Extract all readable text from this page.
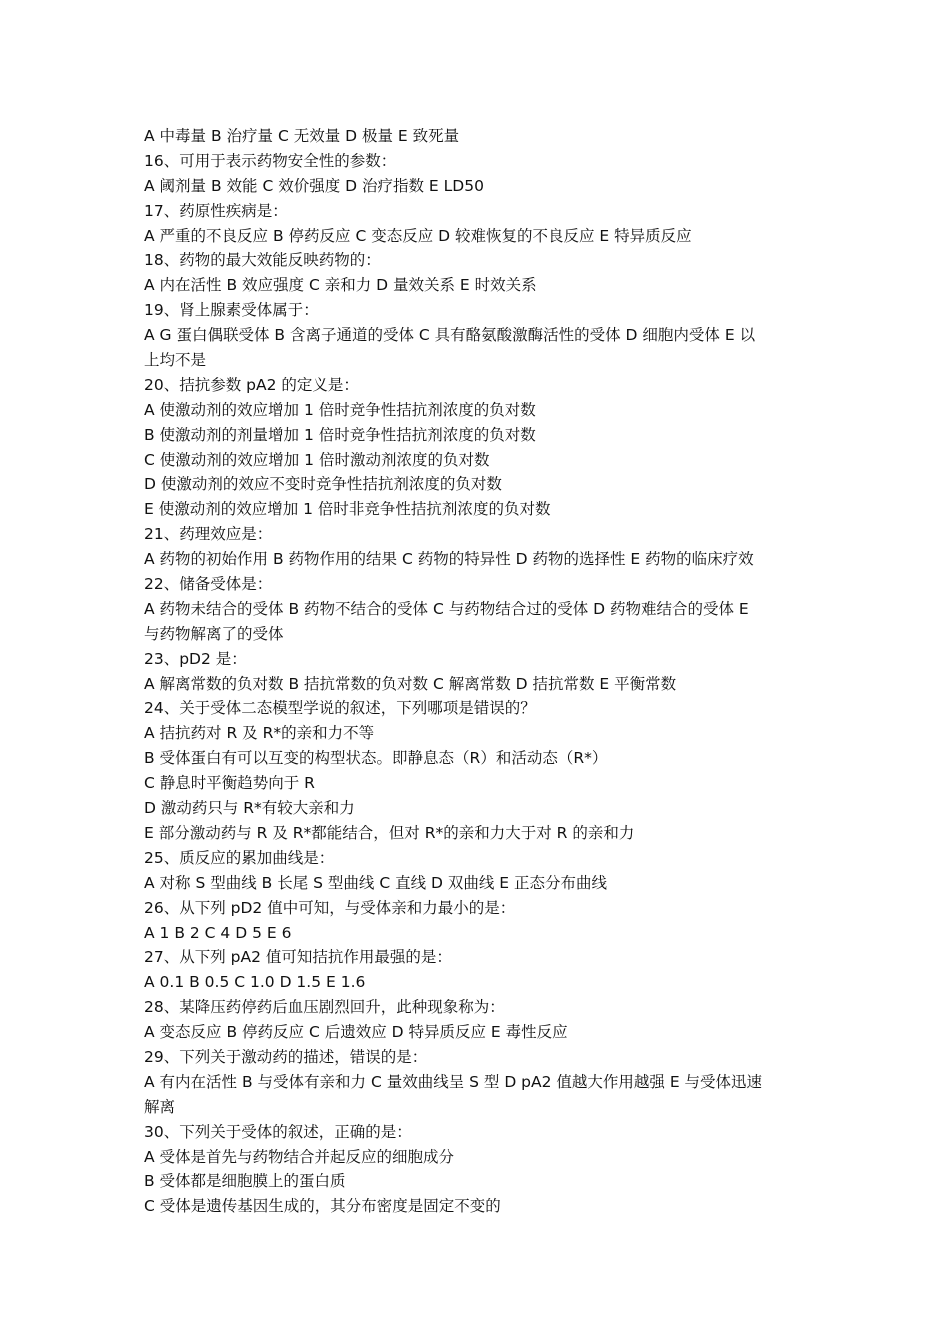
A 中毒量 B 治疗量 C 无效量 D 极量 E 致死量
16、可用于表示药物安全性的参数：
A 阈剂量 B 效能 C 效价强度 D 治疗指数 E LD50
17、药原性疾病是：
A 严重的不良反应 B 停药反应 C 变态反应 D 较难恢复的不良反应 E 特异质反应
18、药物的最大效能反映药物的：
A 内在活性 B 效应强度 C 亲和力 D 量效关系 E 时效关系
19、肾上腺素受体属于：
A G 蛋白偶联受体 B 含离子通道的受体 C 具有酪氨酸激酶活性的受体 D 细胞内受体 E 以
上均不是
20、拮抗参数 pA2 的定义是：
A 使激动剂的效应增加 1 倍时竞争性拮抗剂浓度的负对数
B 使激动剂的剂量增加 1 倍时竞争性拮抗剂浓度的负对数
C 使激动剂的效应增加 1 倍时激动剂浓度的负对数
D 使激动剂的效应不变时竞争性拮抗剂浓度的负对数
E 使激动剂的效应增加 1 倍时非竞争性拮抗剂浓度的负对数
21、药理效应是：
A 药物的初始作用 B 药物作用的结果 C 药物的特异性 D 药物的选择性 E 药物的临床疗效
22、储备受体是：
A 药物未结合的受体 B 药物不结合的受体 C 与药物结合过的受体 D 药物难结合的受体 E
与药物解离了的受体
23、pD2 是：
A 解离常数的负对数 B 拮抗常数的负对数 C 解离常数 D 拮抗常数 E 平衡常数
24、关于受体二态模型学说的叙述，下列哪项是错误的？
A 拮抗药对 R 及 R*的亲和力不等
B 受体蛋白有可以互变的构型状态。即静息态（R）和活动态（R*）
C 静息时平衡趋势向于 R
D 激动药只与 R*有较大亲和力
E 部分激动药与 R 及 R*都能结合，但对 R*的亲和力大于对 R 的亲和力
25、质反应的累加曲线是：
A 对称 S 型曲线 B 长尾 S 型曲线 C 直线 D 双曲线 E 正态分布曲线
26、从下列 pD2 值中可知，与受体亲和力最小的是：
A 1 B 2 C 4 D 5 E 6
27、从下列 pA2 值可知拮抗作用最强的是：
A 0.1 B 0.5 C 1.0 D 1.5 E 1.6
28、某降压药停药后血压剧烈回升，此种现象称为：
A 变态反应 B 停药反应 C 后遗效应 D 特异质反应 E 毒性反应
29、下列关于激动药的描述，错误的是：
A 有内在活性 B 与受体有亲和力 C 量效曲线呈 S 型 D pA2 值越大作用越强 E 与受体迅速
解离
30、下列关于受体的叙述，正确的是：
A 受体是首先与药物结合并起反应的细胞成分
B 受体都是细胞膜上的蛋白质
C 受体是遗传基因生成的，其分布密度是固定不变的
